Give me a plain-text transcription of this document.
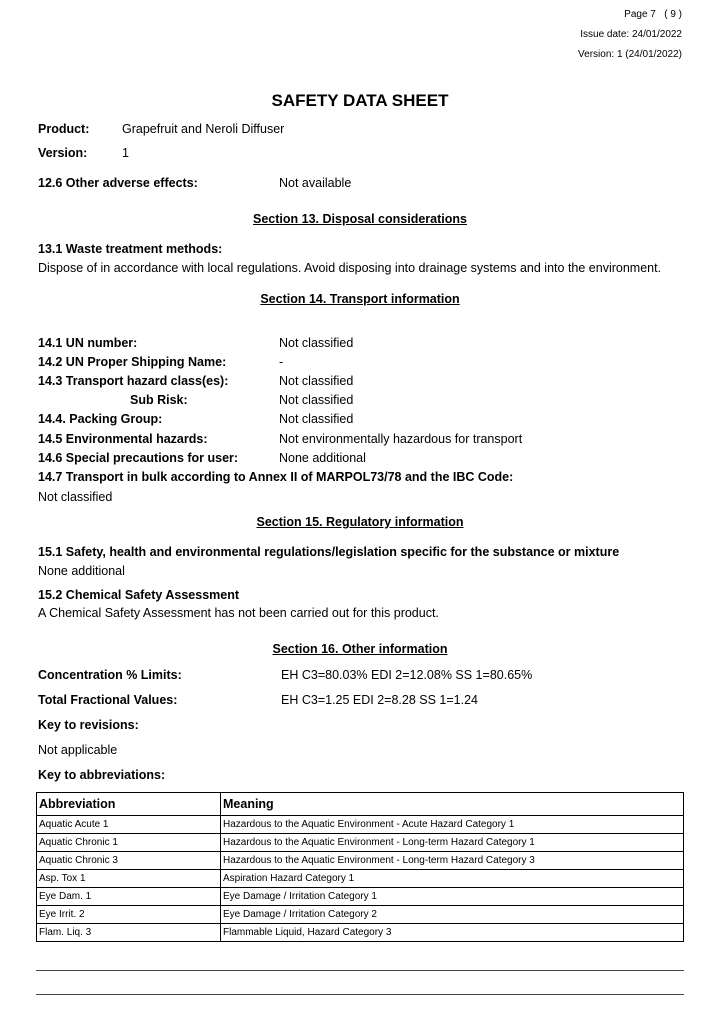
Page 7 ( 9 )
Issue date: 24/01/2022
Version: 1 (24/01/2022)
SAFETY DATA SHEET
Product:	Grapefruit and Neroli Diffuser
Version:	1
12.6 Other adverse effects:	Not available
Section 13. Disposal considerations
13.1 Waste treatment methods:
Dispose of in accordance with local regulations. Avoid disposing into drainage systems and into the environment.
Section 14. Transport information
14.1 UN number:	Not classified
14.2 UN Proper Shipping Name:	-
14.3 Transport hazard class(es):	Not classified
Sub Risk:	Not classified
14.4. Packing Group:	Not classified
14.5 Environmental hazards:	Not environmentally hazardous for transport
14.6 Special precautions for user:	None additional
14.7 Transport in bulk according to Annex II of MARPOL73/78 and the IBC Code:
Not classified
Section 15. Regulatory information
15.1 Safety, health and environmental regulations/legislation specific for the substance or mixture
None additional
15.2 Chemical Safety Assessment
A Chemical Safety Assessment has not been carried out for this product.
Section 16. Other information
Concentration % Limits:	EH C3=80.03% EDI 2=12.08% SS 1=80.65%
Total Fractional Values:	EH C3=1.25 EDI 2=8.28 SS 1=1.24
Key to revisions:
Not applicable
Key to abbreviations:
Abbreviation	Meaning
Aquatic Acute 1	Hazardous to the Aquatic Environment - Acute Hazard Category 1
Aquatic Chronic 1	Hazardous to the Aquatic Environment - Long-term Hazard Category 1
Aquatic Chronic 3	Hazardous to the Aquatic Environment - Long-term Hazard Category 3
Asp. Tox 1	Aspiration Hazard Category 1
Eye Dam. 1	Eye Damage / Irritation Category 1
Eye Irrit. 2	Eye Damage / Irritation Category 2
Flam. Liq. 3	Flammable Liquid, Hazard Category 3
